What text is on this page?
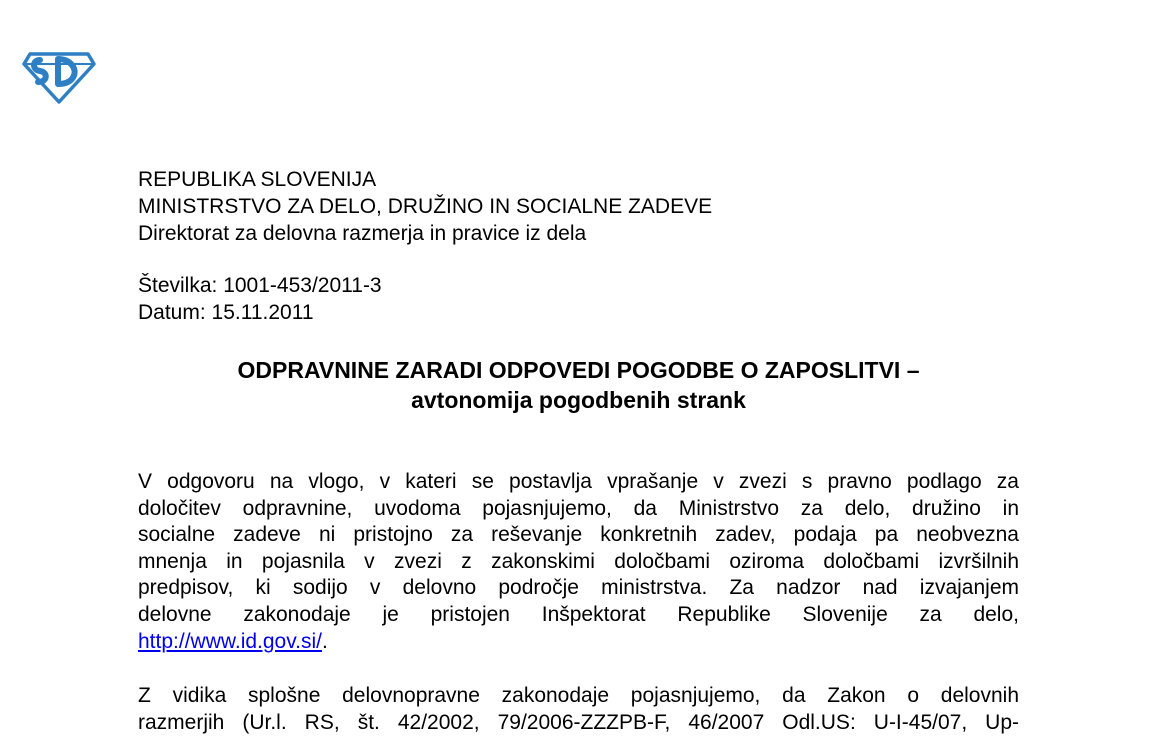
REPUBLIKA SLOVENIJA
MINISTRSTVO ZA DELO, DRUŽINO IN SOCIALNE ZADEVE
Direktorat za delovna razmerja in pravice iz dela
Številka: 1001-453/2011-3
Datum: 15.11.2011
ODPRAVNINE ZARADI ODPOVEDI POGODBE O ZAPOSLITVI –
avtonomija pogodbenih strank
V odgovoru na vlogo, v kateri se postavlja vprašanje v zvezi s pravno podlago za
določitev odpravnine, uvodoma pojasnjujemo, da Ministrstvo za delo, družino in
socialne zadeve ni pristojno za reševanje konkretnih zadev, podaja pa neobvezna
mnenja in pojasnila v zvezi z zakonskimi določbami oziroma določbami izvršilnih
predpisov, ki sodijo v delovno področje ministrstva. Za nadzor nad izvajanjem
delovne zakonodaje je pristojen Inšpektorat Republike Slovenije za delo,
http://www.id.gov.si/.
Z vidika splošne delovnopravne zakonodaje pojasnjujemo, da Zakon o delovnih
razmerjih (Ur.l. RS, št. 42/2002, 79/2006-ZZZPB-F, 46/2007 Odl.US: U-I-45/07, Up-
